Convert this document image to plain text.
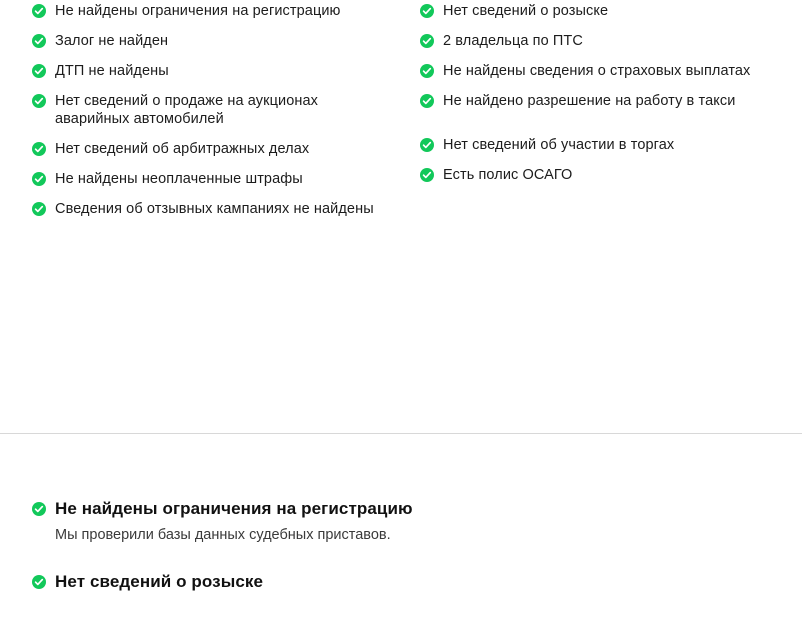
Не найдены ограничения на регистрацию
Залог не найден
ДТП не найдены
Нет сведений о продаже на аукционах аварийных автомобилей
Нет сведений об арбитражных делах
Не найдены неоплаченные штрафы
Сведения об отзывных кампаниях не найдены
Нет сведений о розыске
2 владельца по ПТС
Не найдены сведения о страховых выплатах
Не найдено разрешение на работу в такси
Нет сведений об участии в торгах
Есть полис ОСАГО
Не найдены ограничения на регистрацию
Мы проверили базы данных судебных приставов.
Нет сведений о розыске
